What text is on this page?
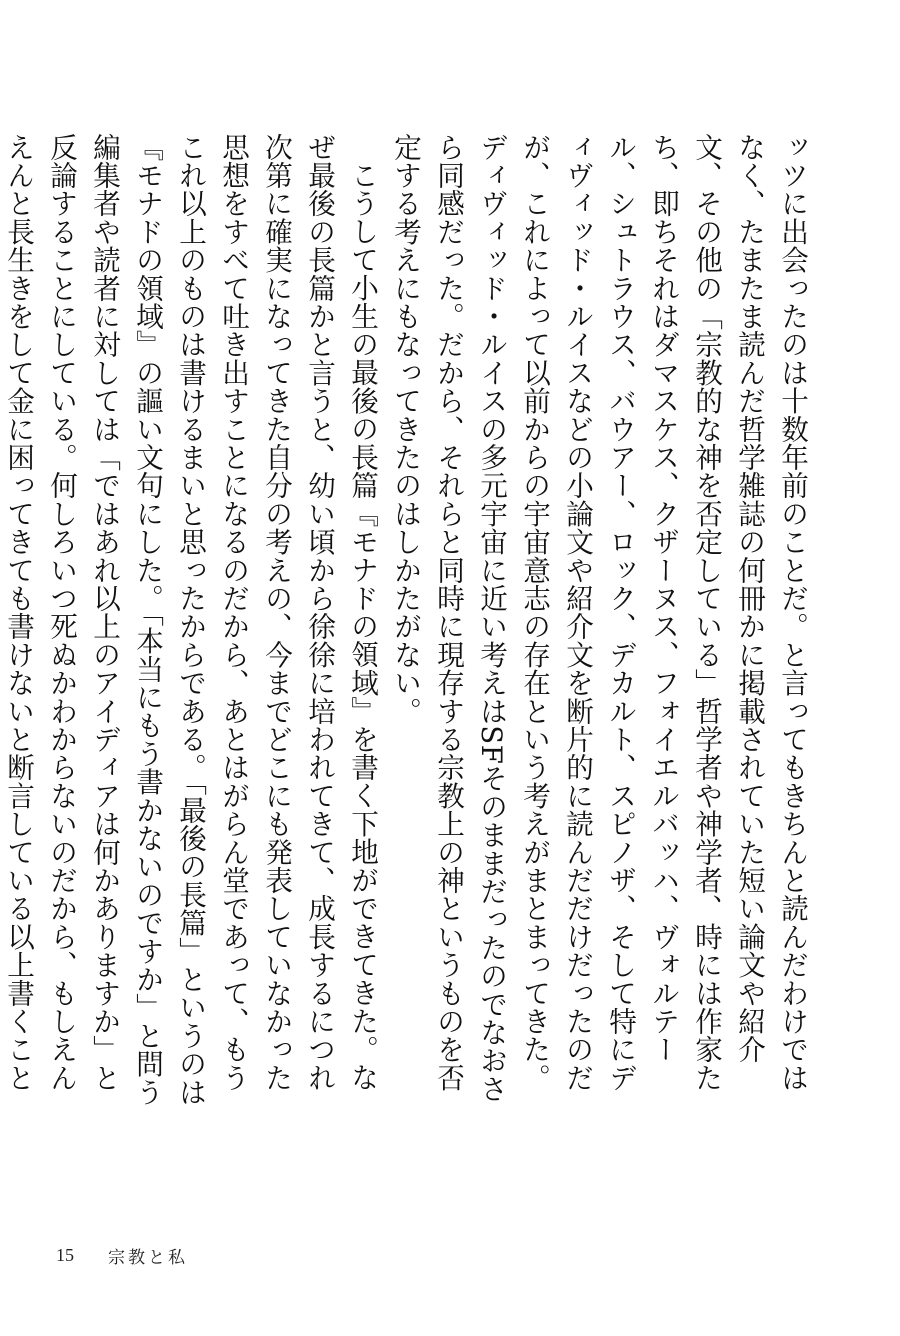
ッツに出会ったのは十数年前のことだ。と言ってもきちんと読んだわけではなく、たまたま読んだ哲学雑誌の何冊かに掲載されていた短い論文や紹介文、その他の「宗教的な神を否定している」哲学者や神学者、時には作家たち、即ちそれはダマスケス、クザーヌス、フォイエルバッハ、ヴォルテール、シュトラウス、バウアー、ロック、デカルト、スピノザ、そして特にディヴィッド・ルイスなどの小論文や紹介文を断片的に読んだだけだったのだが、これによって以前からの宇宙意志の存在という考えがまとまってきた。ディヴィッド・ルイスの多元宇宙に近い考えはSFそのままだったのでなおさら同感だった。だから、それらと同時に現存する宗教上の神というものを否定する考えにもなってきたのはしかたがない。

こうして小生の最後の長篇『モナドの領域』を書く下地ができてきた。なぜ最後の長篇かと言うと、幼い頃から徐徐に培われてきて、成長するにつれ次第に確実になってきた自分の考えの、今までどこにも発表していなかった思想をすべて吐き出すことになるのだから、あとはがらん堂であって、もうこれ以上のものは書けるまいと思ったからである。「最後の長篇」というのは『モナドの領域』の謳い文句にした。「本当にもう書かないのですか」と問う編集者や読者に対しては「ではあれ以上のアイディアは何かありますか」と反論することにしている。何しろいつ死ぬかわからないのだから、もしえんえんと長生きをして金に困ってきても書けないと断言している以上書くこと

15 宗教と私
